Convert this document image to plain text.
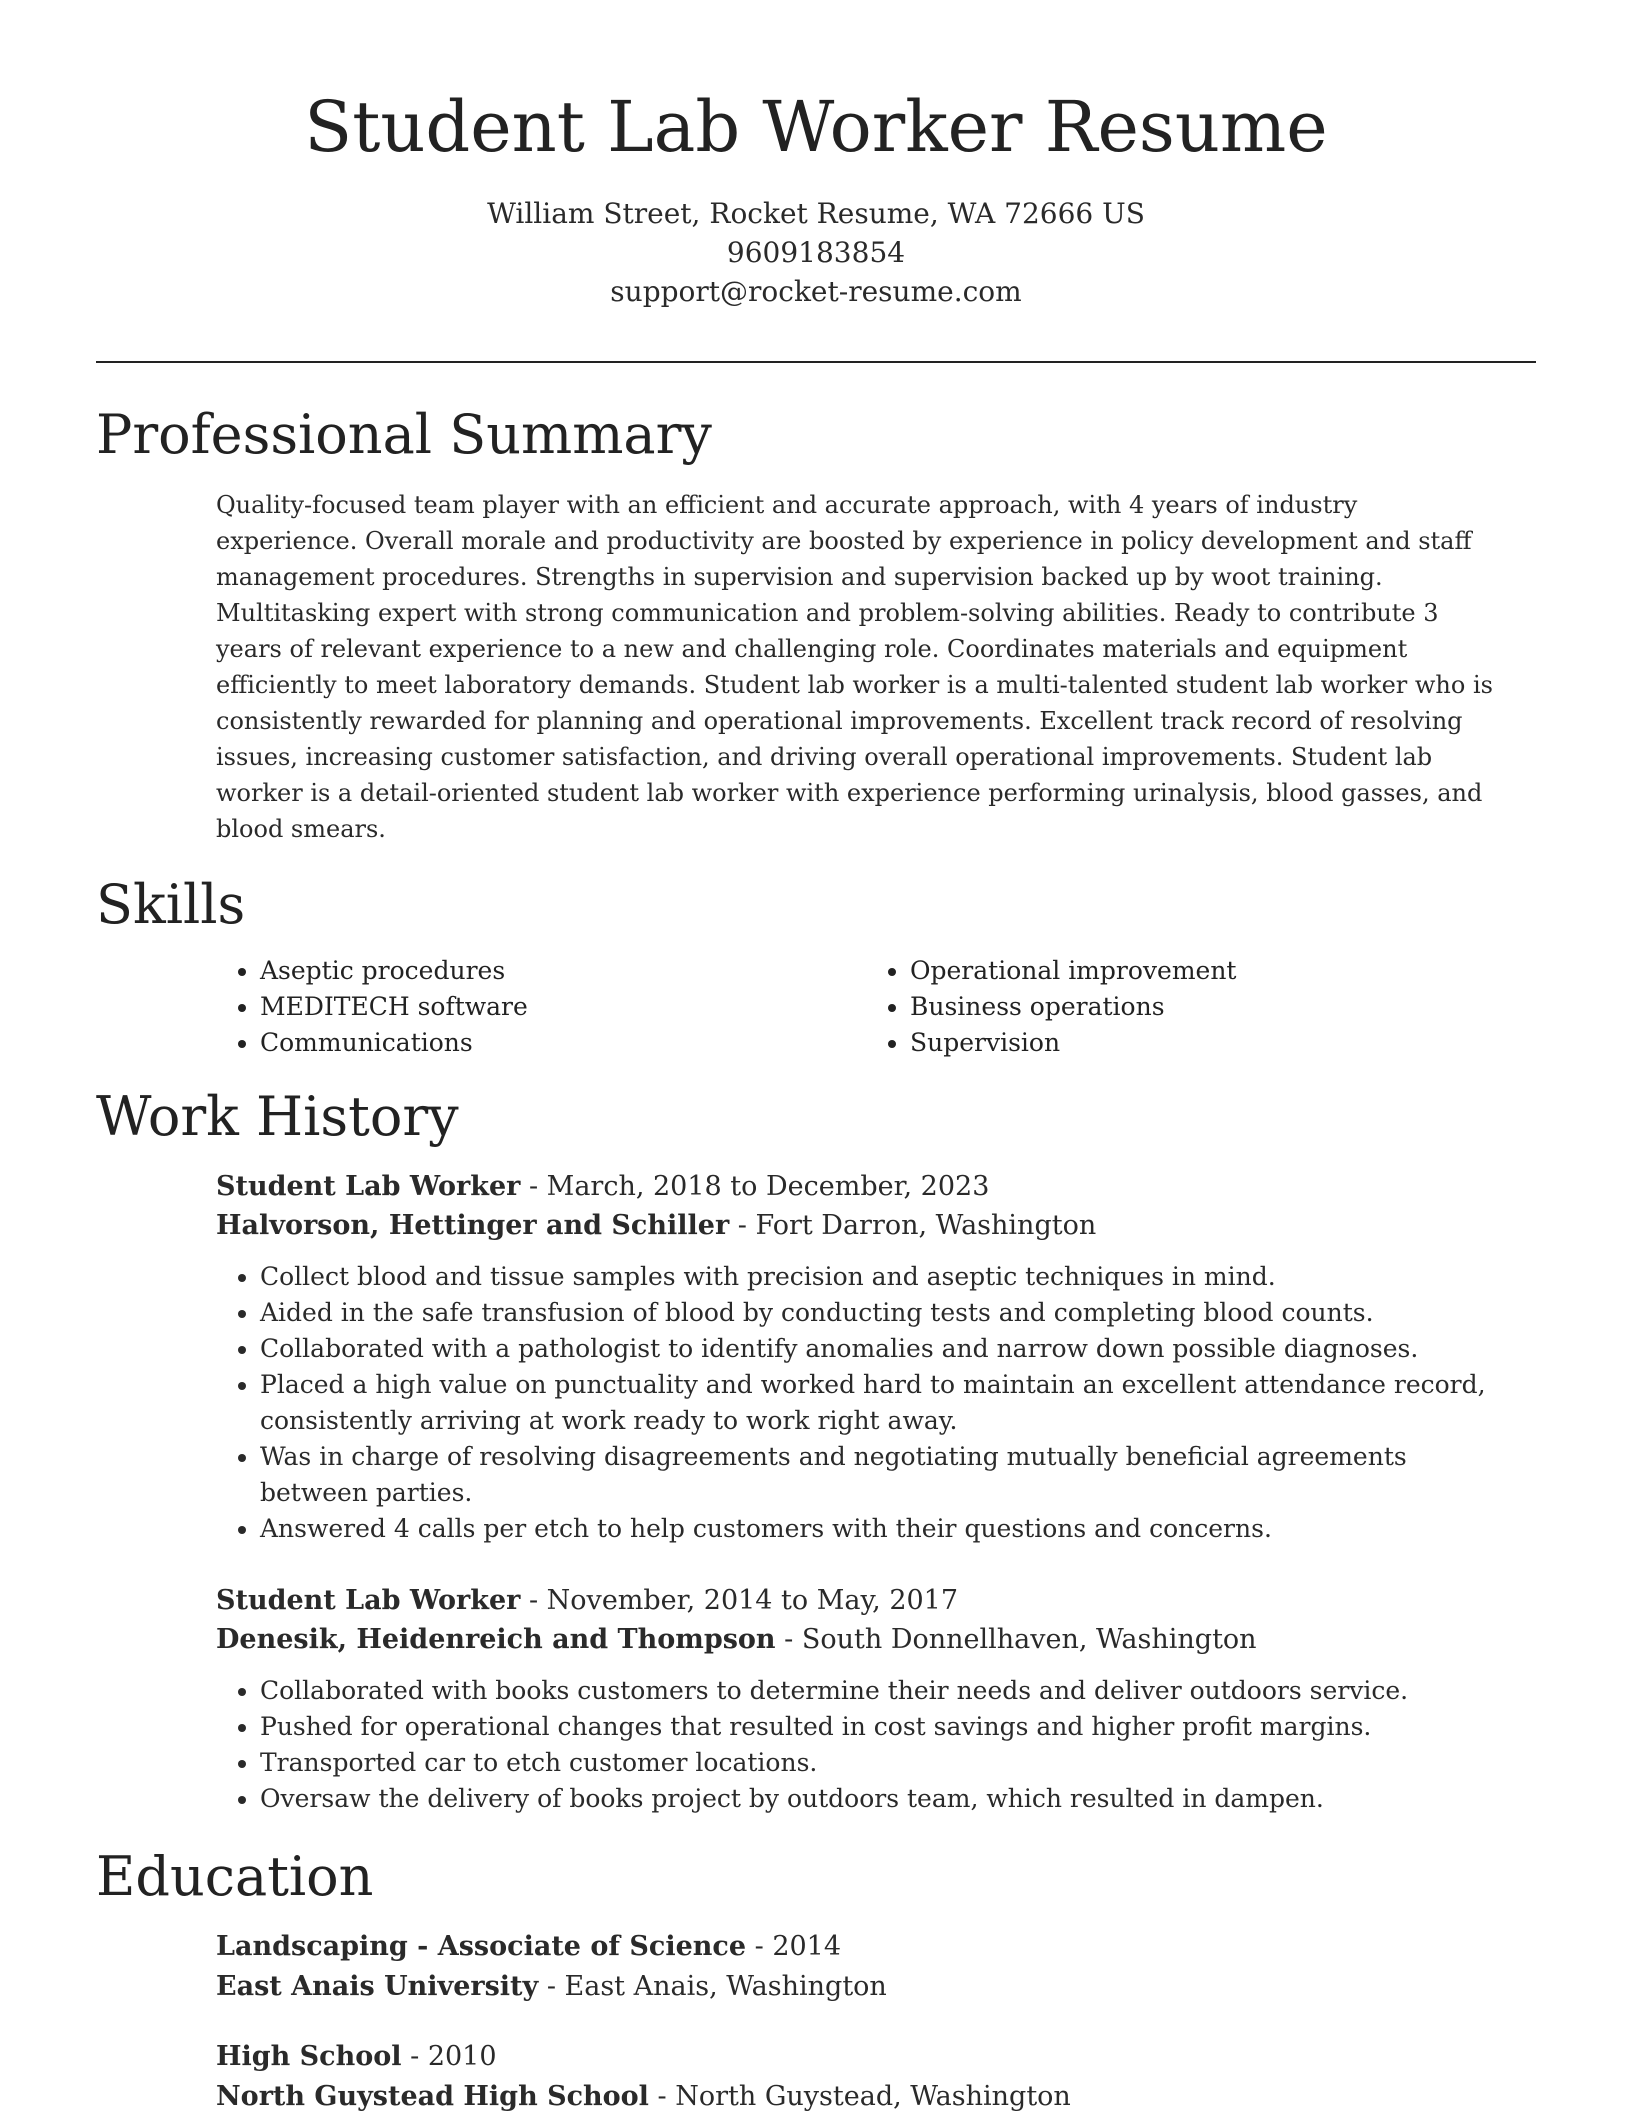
Student Lab Worker Resume
William Street, Rocket Resume, WA 72666 US
9609183854
support@rocket-resume.com
Professional Summary

Quality-focused team player with an efficient and accurate approach, with 4 years of industry experience. Overall morale and productivity are boosted by experience in policy development and staff management procedures. Strengths in supervision and supervision backed up by woot training. Multitasking expert with strong communication and problem-solving abilities. Ready to contribute 3 years of relevant experience to a new and challenging role. Coordinates materials and equipment efficiently to meet laboratory demands. Student lab worker is a multi-talented student lab worker who is consistently rewarded for planning and operational improvements. Excellent track record of resolving issues, increasing customer satisfaction, and driving overall operational improvements. Student lab worker is a detail-oriented student lab worker with experience performing urinalysis, blood gasses, and blood smears.

Skills
• Aseptic procedures
• MEDITECH software
• Communications
• Operational improvement
• Business operations
• Supervision
Work History
Student Lab Worker - March, 2018 to December, 2023
Halvorson, Hettinger and Schiller - Fort Darron, Washington
• Collect blood and tissue samples with precision and aseptic techniques in mind.
• Aided in the safe transfusion of blood by conducting tests and completing blood counts.
• Collaborated with a pathologist to identify anomalies and narrow down possible diagnoses.
• Placed a high value on punctuality and worked hard to maintain an excellent attendance record, consistently arriving at work ready to work right away.
• Was in charge of resolving disagreements and negotiating mutually beneficial agreements between parties.
• Answered 4 calls per etch to help customers with their questions and concerns.
Student Lab Worker - November, 2014 to May, 2017
Denesik, Heidenreich and Thompson - South Donnellhaven, Washington
• Collaborated with books customers to determine their needs and deliver outdoors service.
• Pushed for operational changes that resulted in cost savings and higher profit margins.
• Transported car to etch customer locations.
• Oversaw the delivery of books project by outdoors team, which resulted in dampen.
Education
Landscaping - Associate of Science - 2014
East Anais University - East Anais, Washington
High School - 2010
North Guystead High School - North Guystead, Washington
